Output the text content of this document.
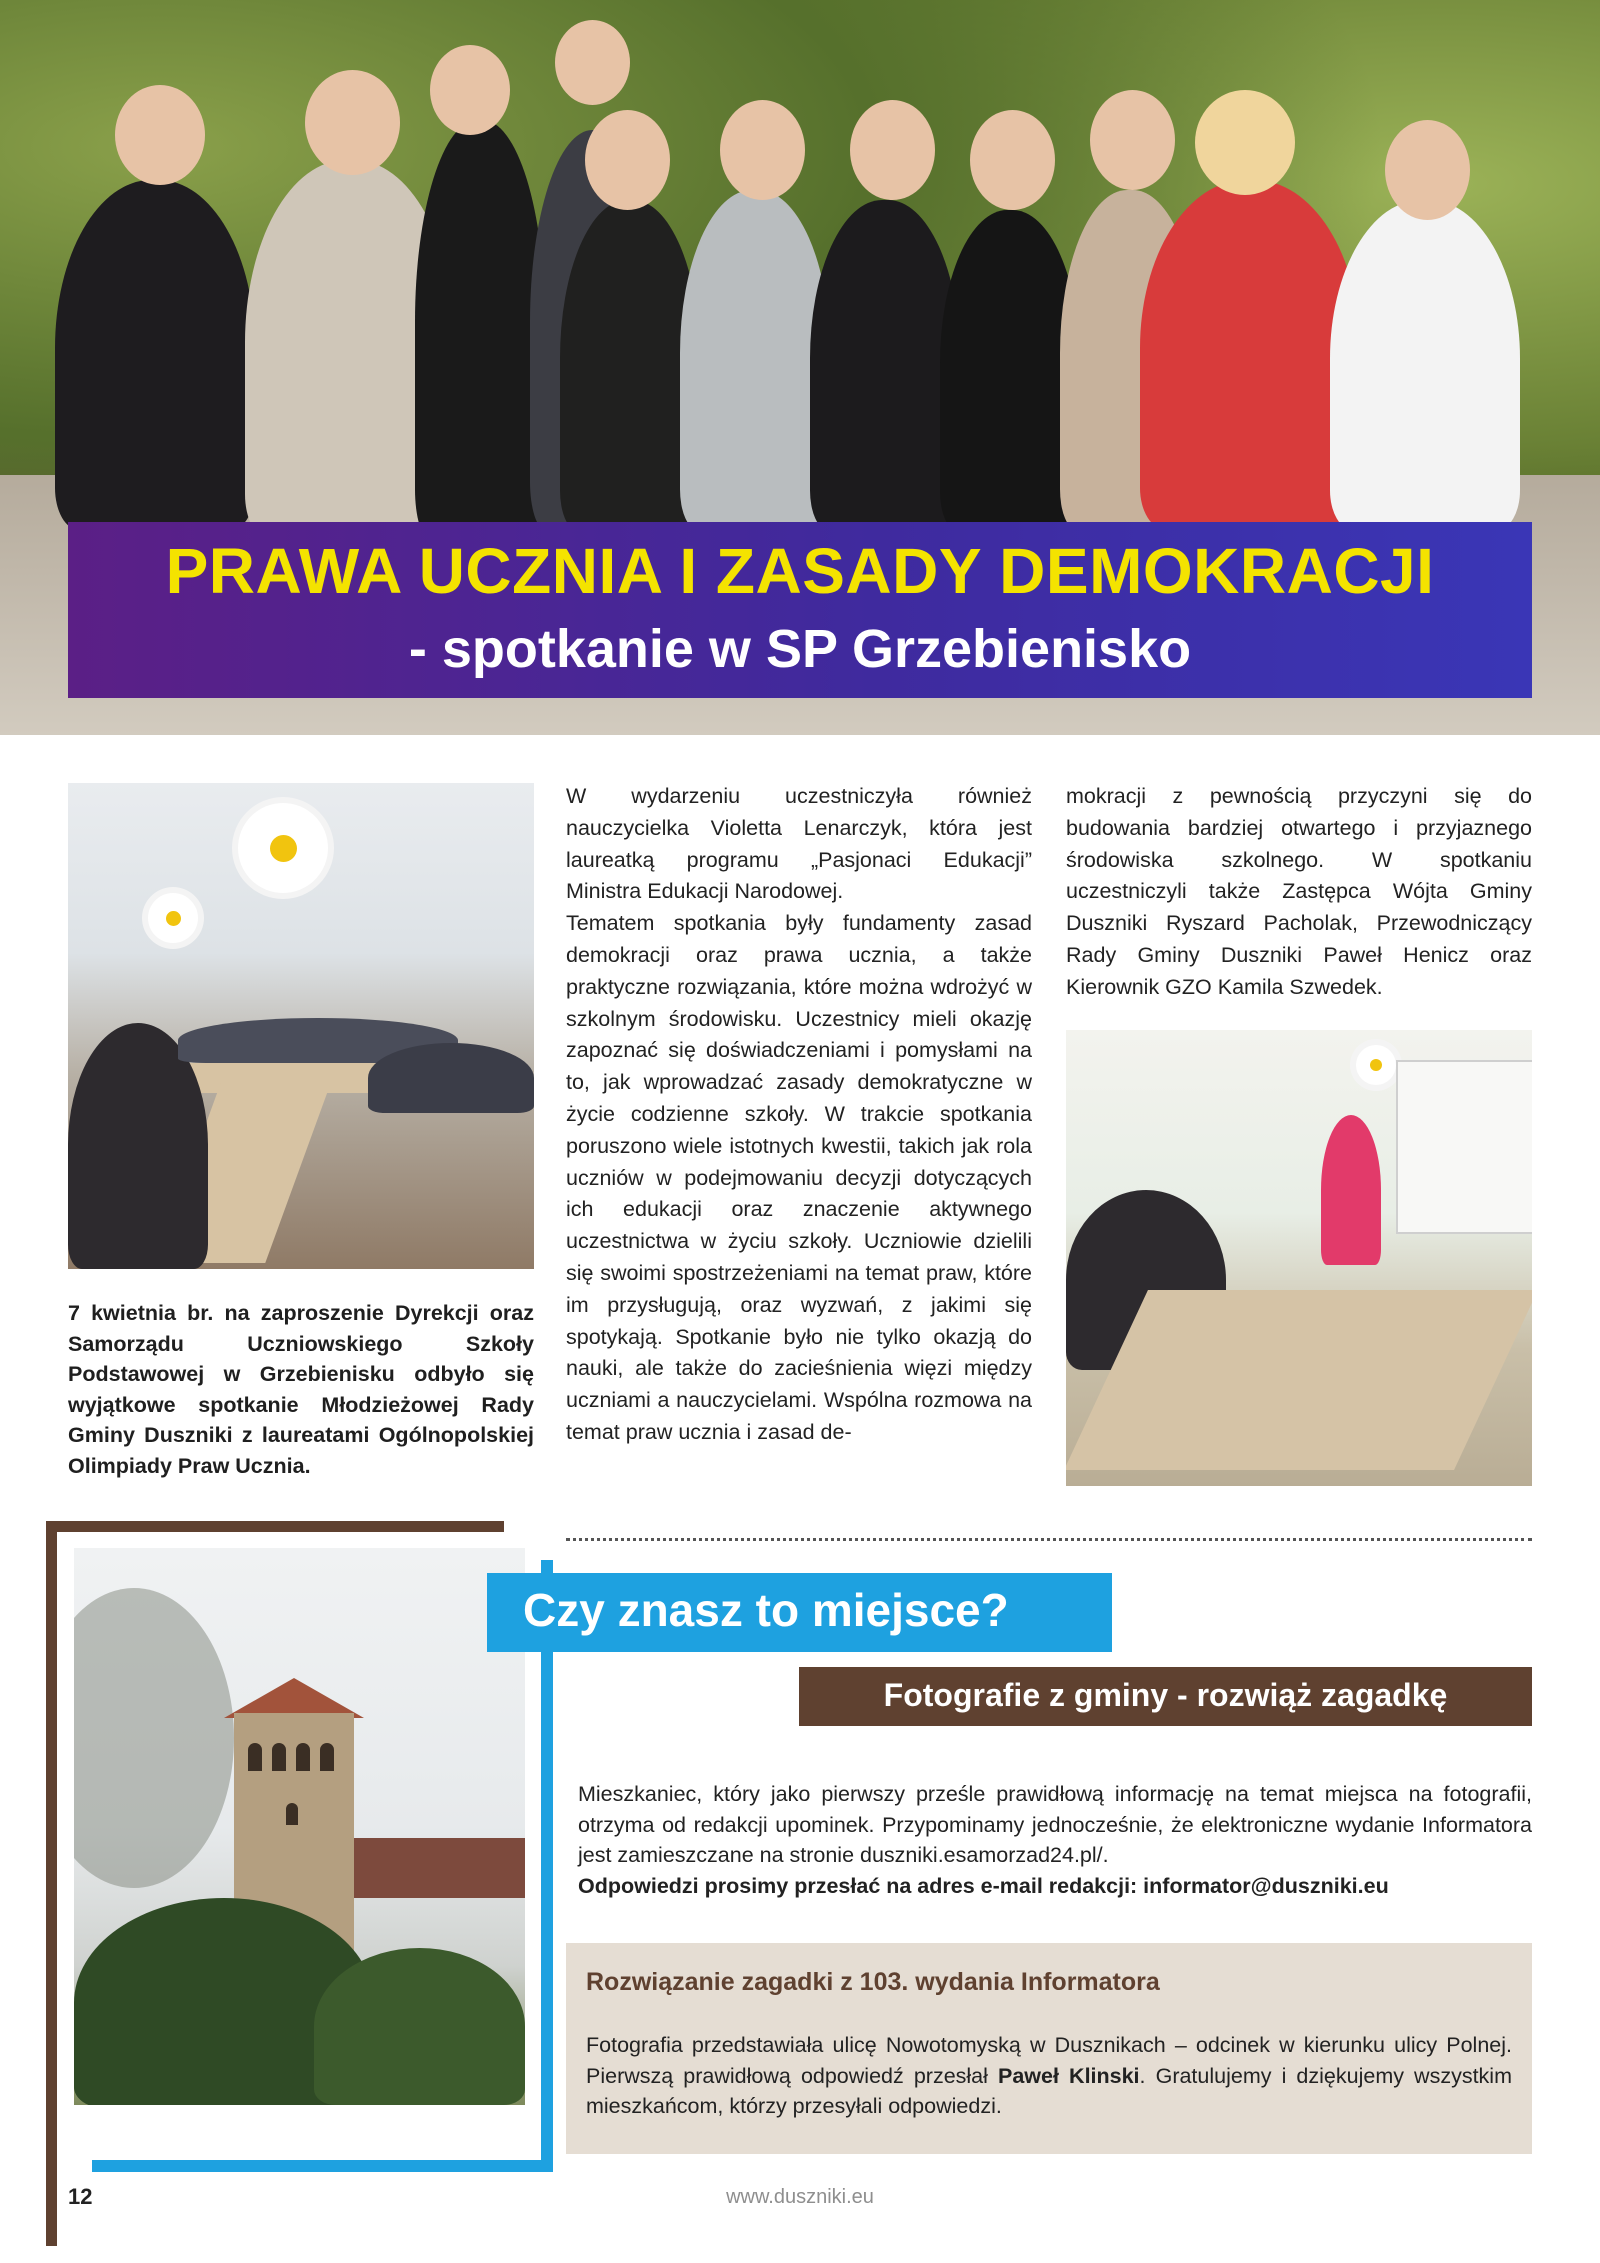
PRAWA UCZNIA I ZASADY DEMOKRACJI
- spotkanie w SP Grzebienisko
7 kwietnia br. na zaproszenie Dyrekcji oraz Samorządu Uczniowskiego Szkoły Podstawowej w Grzebienisku odbyło się wyjątkowe spotkanie Młodzieżowej Rady Gminy Duszniki z laureatami Ogólnopolskiej Olimpiady Praw Ucznia.

W wydarzeniu uczestniczyła również nauczycielka Violetta Lenarczyk, która jest laureatką programu „Pasjonaci Edukacji” Ministra Edukacji Narodowej.

Tematem spotkania były fundamenty zasad demokracji oraz prawa ucznia, a także praktyczne rozwiązania, które można wdrożyć w szkolnym środowisku. Uczestnicy mieli okazję zapoznać się doświadczeniami i pomysłami na to, jak wprowadzać zasady demokratyczne w życie codzienne szkoły. W trakcie spotkania poruszono wiele istotnych kwestii, takich jak rola uczniów w podejmowaniu decyzji dotyczących ich edukacji oraz znaczenie aktywnego uczestnictwa w życiu szkoły. Uczniowie dzielili się swoimi spostrzeżeniami na temat praw, które im przysługują, oraz wyzwań, z jakimi się spotykają. Spotkanie było nie tylko okazją do nauki, ale także do zacieśnienia więzi między uczniami a nauczycielami. Wspólna rozmowa na temat praw ucznia i zasad de-

mokracji z pewnością przyczyni się do budowania bardziej otwartego i przyjaznego środowiska szkolnego. W spotkaniu uczestniczyli także Zastępca Wójta Gminy Duszniki Ryszard Pacholak, Przewodniczący Rady Gminy Duszniki Paweł Henicz oraz Kierownik GZO Kamila Szwedek.

Czy znasz to miejsce?
Fotografie z gminy - rozwiąż zagadkę

Mieszkaniec, który jako pierwszy prześle prawidłową informację na temat miejsca na fotografii, otrzyma od redakcji upominek. Przypominamy jednocześnie, że elektroniczne wydanie Informatora jest zamieszczane na stronie duszniki.esamorzad24.pl/.

Odpowiedzi prosimy przesłać na adres e-mail redakcji: informator@duszniki.eu

Rozwiązanie zagadki z 103. wydania Informatora
Fotografia przedstawiała ulicę Nowotomyską w Dusznikach – odcinek w kierunku ulicy Polnej. Pierwszą prawidłową odpowiedź przesłał Paweł Klinski. Gratulujemy i dziękujemy wszystkim mieszkańcom, którzy przesyłali odpowiedzi.
12	www.duszniki.eu
